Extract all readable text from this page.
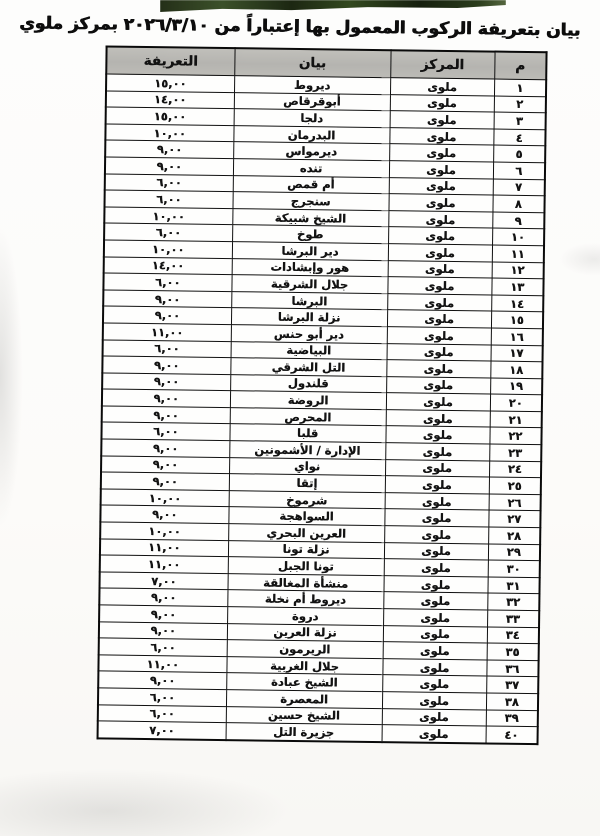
بيان بتعريفة الركوب المعمول بها إعتباراً من ٢٠٢٦/٣/١٠ بمركز ملوي
م	المركز	بيان	التعريفة
١	ملوى	ديروط	١٥,٠٠
٢	ملوى	أبوقرقاص	١٤,٠٠
٣	ملوى	دلجا	١٥,٠٠
٤	ملوى	البدرمان	١٠,٠٠
٥	ملوى	ديرمواس	٩,٠٠
٦	ملوى	تنده	٩,٠٠
٧	ملوى	أم قمص	٦,٠٠
٨	ملوى	سنجرج	٦,٠٠
٩	ملوى	الشيخ شبيكة	١٠,٠٠
١٠	ملوى	طوخ	٦,٠٠
١١	ملوى	دير البرشا	١٠,٠٠
١٢	ملوى	هور وإبشادات	١٤,٠٠
١٣	ملوى	جلال الشرقية	٦,٠٠
١٤	ملوى	البرشا	٩,٠٠
١٥	ملوى	نزلة البرشا	٩,٠٠
١٦	ملوى	دير أبو حنس	١١,٠٠
١٧	ملوى	البياضية	٦,٠٠
١٨	ملوى	التل الشرقي	٩,٠٠
١٩	ملوى	قلندول	٩,٠٠
٢٠	ملوى	الروضة	٩,٠٠
٢١	ملوى	المحرص	٩,٠٠
٢٢	ملوى	قلبا	٦,٠٠
٢٣	ملوى	الإدارة / الأشمونين	٩,٠٠
٢٤	ملوى	نواي	٩,٠٠
٢٥	ملوى	إتقا	٩,٠٠
٢٦	ملوى	شرموخ	١٠,٠٠
٢٧	ملوى	السواهجة	٩,٠٠
٢٨	ملوى	العرين البحري	١٠,٠٠
٢٩	ملوى	نزلة تونا	١١,٠٠
٣٠	ملوى	تونا الجبل	١١,٠٠
٣١	ملوى	منشأة المغالقة	٧,٠٠
٣٢	ملوى	ديروط أم نخلة	٩,٠٠
٣٣	ملوى	دروة	٩,٠٠
٣٤	ملوى	نزلة العرين	٩,٠٠
٣٥	ملوى	الريرمون	٦,٠٠
٣٦	ملوى	جلال الغربية	١١,٠٠
٣٧	ملوى	الشيخ عبادة	٩,٠٠
٣٨	ملوى	المعصرة	٦,٠٠
٣٩	ملوى	الشيخ حسين	٦,٠٠
٤٠	ملوى	جزيرة التل	٧,٠٠
